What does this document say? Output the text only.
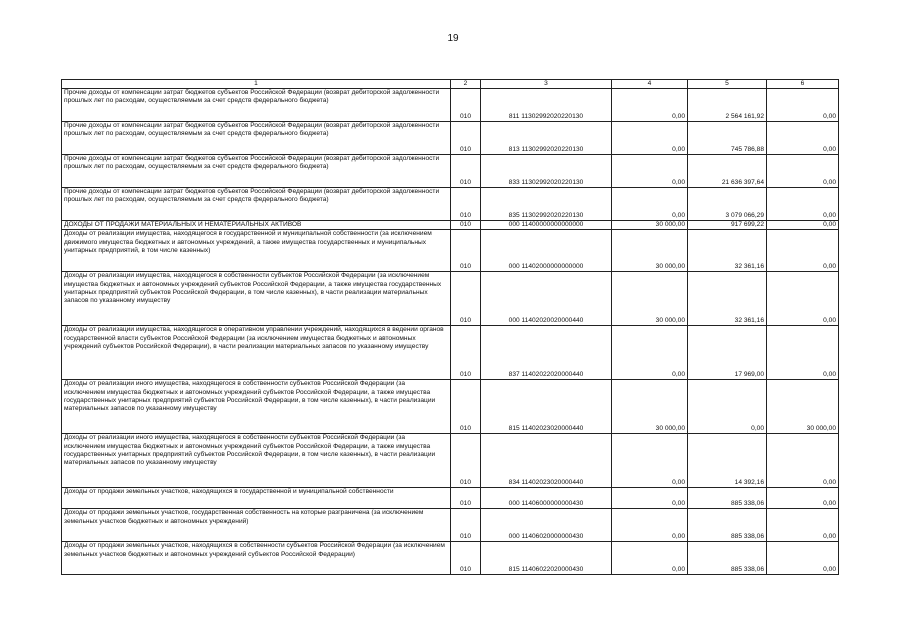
19
1	2	3	4	5	6
Прочие доходы от компенсации затрат бюджетов субъектов Российской Федерации (возврат дебиторской задолженности прошлых лет по расходам, осуществляемым за счет средств федерального бюджета)	010	811 11302992020220130	0,00	2 564 161,92	0,00
Прочие доходы от компенсации затрат бюджетов субъектов Российской Федерации (возврат дебиторской задолженности прошлых лет по расходам, осуществляемым за счет средств федерального бюджета)	010	813 11302992020220130	0,00	745 786,88	0,00
Прочие доходы от компенсации затрат бюджетов субъектов Российской Федерации (возврат дебиторской задолженности прошлых лет по расходам, осуществляемым за счет средств федерального бюджета)	010	833 11302992020220130	0,00	21 636 397,64	0,00
Прочие доходы от компенсации затрат бюджетов субъектов Российской Федерации (возврат дебиторской задолженности прошлых лет по расходам, осуществляемым за счет средств федерального бюджета)	010	835 11302992020220130	0,00	3 079 066,29	0,00
ДОХОДЫ ОТ ПРОДАЖИ МАТЕРИАЛЬНЫХ И НЕМАТЕРИАЛЬНЫХ АКТИВОВ	010	000 11400000000000000	30 000,00	917 699,22	0,00
Доходы от реализации имущества, находящегося в государственной и муниципальной собственности (за исключением движимого имущества бюджетных и автономных учреждений, а также имущества государственных и муниципальных унитарных предприятий, в том числе казенных)	010	000 11402000000000000	30 000,00	32 361,16	0,00
Доходы от реализации имущества, находящегося в собственности субъектов Российской Федерации (за исключением имущества бюджетных и автономных учреждений субъектов Российской Федерации, а также имущества государственных унитарных предприятий субъектов Российской Федерации, в том числе казенных), в части реализации материальных запасов по указанному имуществу	010	000 11402020020000440	30 000,00	32 361,16	0,00
Доходы от реализации имущества, находящегося в оперативном управлении учреждений, находящихся в ведении органов государственной власти субъектов Российской Федерации (за исключением имущества бюджетных и автономных учреждений субъектов Российской Федерации), в части реализации материальных запасов по указанному имуществу	010	837 11402022020000440	0,00	17 969,00	0,00
Доходы от реализации иного имущества, находящегося в собственности субъектов Российской Федерации (за исключением имущества бюджетных и автономных учреждений субъектов Российской Федерации, а также имущества государственных унитарных предприятий субъектов Российской Федерации, в том числе казенных), в части реализации материальных запасов по указанному имуществу	010	815 11402023020000440	30 000,00	0,00	30 000,00
Доходы от реализации иного имущества, находящегося в собственности субъектов Российской Федерации (за исключением имущества бюджетных и автономных учреждений субъектов Российской Федерации, а также имущества государственных унитарных предприятий субъектов Российской Федерации, в том числе казенных), в части реализации материальных запасов по указанному имуществу	010	834 11402023020000440	0,00	14 392,16	0,00
Доходы от продажи земельных участков, находящихся в государственной и муниципальной собственности	010	000 11406000000000430	0,00	885 338,06	0,00
Доходы от продажи земельных участков, государственная собственность на которые разграничена (за исключением земельных участков бюджетных и автономных учреждений)	010	000 11406020000000430	0,00	885 338,06	0,00
Доходы от продажи земельных участков, находящихся в собственности субъектов Российской Федерации (за исключением земельных участков бюджетных и автономных учреждений субъектов Российской Федерации)	010	815 11406022020000430	0,00	885 338,06	0,00
